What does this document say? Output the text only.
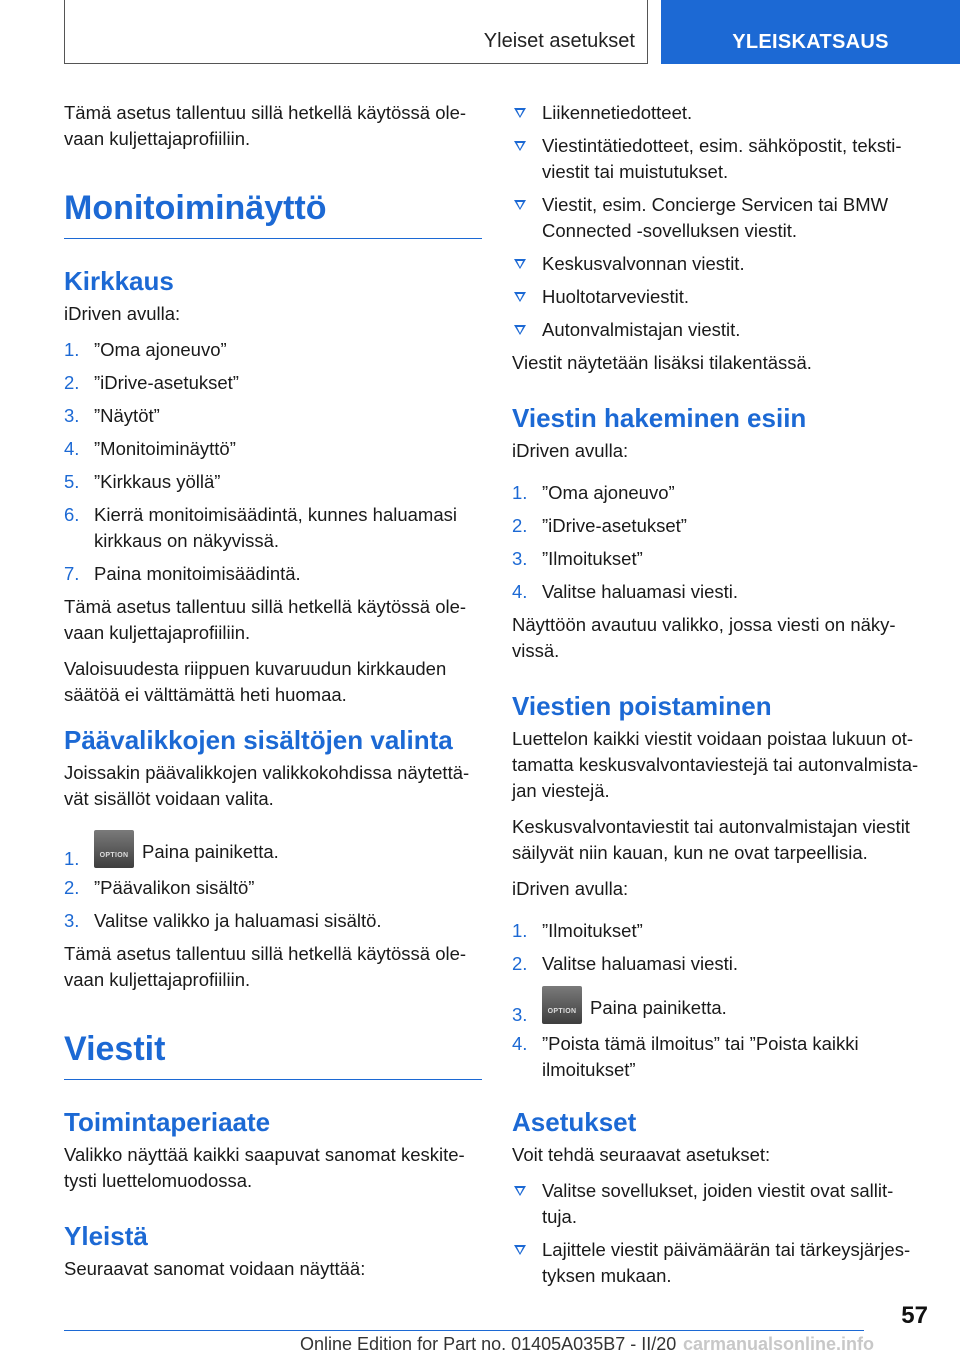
Yleiset asetukset	YLEISKATSAUS

Tämä asetus tallentuu sillä hetkellä käytössä ole-vaan kuljettajaprofiiliin.

Monitoiminäyttö
Kirkkaus

iDriven avulla:

1. ”Oma ajoneuvo”
2. ”iDrive-asetukset”
3. ”Näytöt”
4. ”Monitoiminäyttö”
5. ”Kirkkaus yöllä”
6. Kierrä monitoimisäädintä, kunnes haluamasi kirkkaus on näkyvissä.
7. Paina monitoimisäädintä.

Tämä asetus tallentuu sillä hetkellä käytössä ole-vaan kuljettajaprofiiliin.

Valoisuudesta riippuen kuvaruudun kirkkauden säätöä ei välttämättä heti huomaa.

Päävalikkojen sisältöjen valinta

Joissakin päävalikkojen valikkokohdissa näytettä-vät sisällöt voidaan valita.

1.	OPTION Paina painiketta.
2. ”Päävalikon sisältö”
3. Valitse valikko ja haluamasi sisältö.

Tämä asetus tallentuu sillä hetkellä käytössä ole-vaan kuljettajaprofiiliin.

Viestit
Toimintaperiaate

Valikko näyttää kaikki saapuvat sanomat keskite-tysti luettelomuodossa.

Yleistä

Seuraavat sanomat voidaan näyttää:

Liikennetiedotteet.
Viestintätiedotteet, esim. sähköpostit, teksti-viestit tai muistutukset.
Viestit, esim. Concierge Servicen tai BMW Connected -sovelluksen viestit.
Keskusvalvonnan viestit.
Huoltotarveviestit.
Autonvalmistajan viestit.

Viestit näytetään lisäksi tilakentässä.

Viestin hakeminen esiin

iDriven avulla:

1. ”Oma ajoneuvo”
2. ”iDrive-asetukset”
3. ”Ilmoitukset”
4. Valitse haluamasi viesti.

Näyttöön avautuu valikko, jossa viesti on näky-vissä.

Viestien poistaminen

Luettelon kaikki viestit voidaan poistaa lukuun ot-tamatta keskusvalvontaviestejä tai autonvalmista-jan viestejä.

Keskusvalvontaviestit tai autonvalmistajan viestit säilyvät niin kauan, kun ne ovat tarpeellisia.

iDriven avulla:

1. ”Ilmoitukset”
2. Valitse haluamasi viesti.
3.	OPTION Paina painiketta.
4. ”Poista tämä ilmoitus” tai ”Poista kaikki ilmoitukset”
Asetukset

Voit tehdä seuraavat asetukset:

Valitse sovellukset, joiden viestit ovat sallit-tuja.
Lajittele viestit päivämäärän tai tärkeysjärjes-tyksen mukaan.
57
Online Edition for Part no. 01405A035B7 - II/20 carmanualsonline.info
